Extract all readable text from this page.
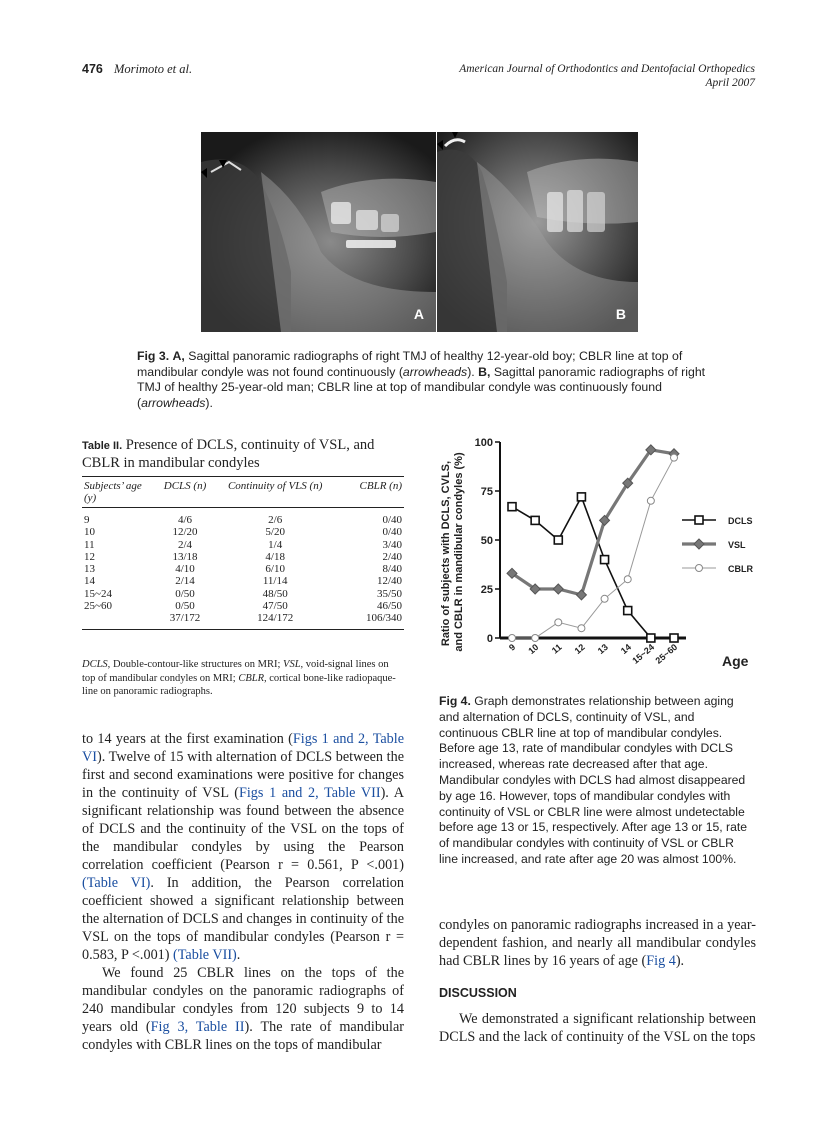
476 Morimoto et al.	American Journal of Orthodontics and Dentofacial Orthopedics
April 2007
A	B
Fig 3. A, Sagittal panoramic radiographs of right TMJ of healthy 12-year-old boy; CBLR line at top of mandibular condyle was not found continuously (arrowheads). B, Sagittal panoramic radiographs of right TMJ of healthy 25-year-old man; CBLR line at top of mandibular condyle was continuously found (arrowheads).
Table II. Presence of DCLS, continuity of VSL, and CBLR in mandibular condyles
Subjects’ age (y)	DCLS (n)	Continuity of VLS (n)	CBLR (n)
9	4/6	2/6	0/40
10	12/20	5/20	0/40
11	2/4	1/4	3/40
12	13/18	4/18	2/40
13	4/10	6/10	8/40
14	2/14	11/14	12/40
15~24	0/50	48/50	35/50
25~60	0/50	47/50	46/50
	37/172	124/172	106/340
DCLS, Double-contour-like structures on MRI; VSL, void-signal lines on top of mandibular condyles on MRI; CBLR, cortical bone-like radiopaque-line on panoramic radiographs.

to 14 years at the first examination (Figs 1 and 2, Table VI). Twelve of 15 with alternation of DCLS between the first and second examinations were positive for changes in the continuity of VSL (Figs 1 and 2, Table VII). A significant relationship was found between the absence of DCLS and the continuity of the VSL on the tops of the mandibular condyles by using the Pearson correlation coefficient (Pearson r = 0.561, P <.001) (Table VI). In addition, the Pearson correlation coefficient showed a significant relationship between the alternation of DCLS and changes in continuity of the VSL on the tops of mandibular condyles (Pearson r = 0.583, P <.001) (Table VII).

We found 25 CBLR lines on the tops of the mandibular condyles on the panoramic radiographs of 240 mandibular condyles from 120 subjects 9 to 14 years old (Fig 3, Table II). The rate of mandibular condyles with CBLR lines on the tops of mandibular

Ratio of subjects with DCLS, CVLS, and CBLR in mandibular condyles (%) 0
25
50
75
100
9 10 11 12 13 14
15~24
25~60
DCLS
VSL
CBLR
Age
Fig 4. Graph demonstrates relationship between aging and alternation of DCLS, continuity of VSL, and continuous CBLR line at top of mandibular condyles. Before age 13, rate of mandibular condyles with DCLS increased, whereas rate decreased after that age. Mandibular condyles with DCLS had almost disappeared by age 16. However, tops of mandibular condyles with continuity of VSL or CBLR line were almost undetectable before age 13 or 15, respectively. After age 13 or 15, rate of mandibular condyles with continuity of VSL or CBLR line increased, and rate after age 20 was almost 100%.

condyles on panoramic radiographs increased in a year-dependent fashion, and nearly all mandibular condyles had CBLR lines by 16 years of age (Fig 4).

DISCUSSION

We demonstrated a significant relationship between DCLS and the lack of continuity of the VSL on the tops
